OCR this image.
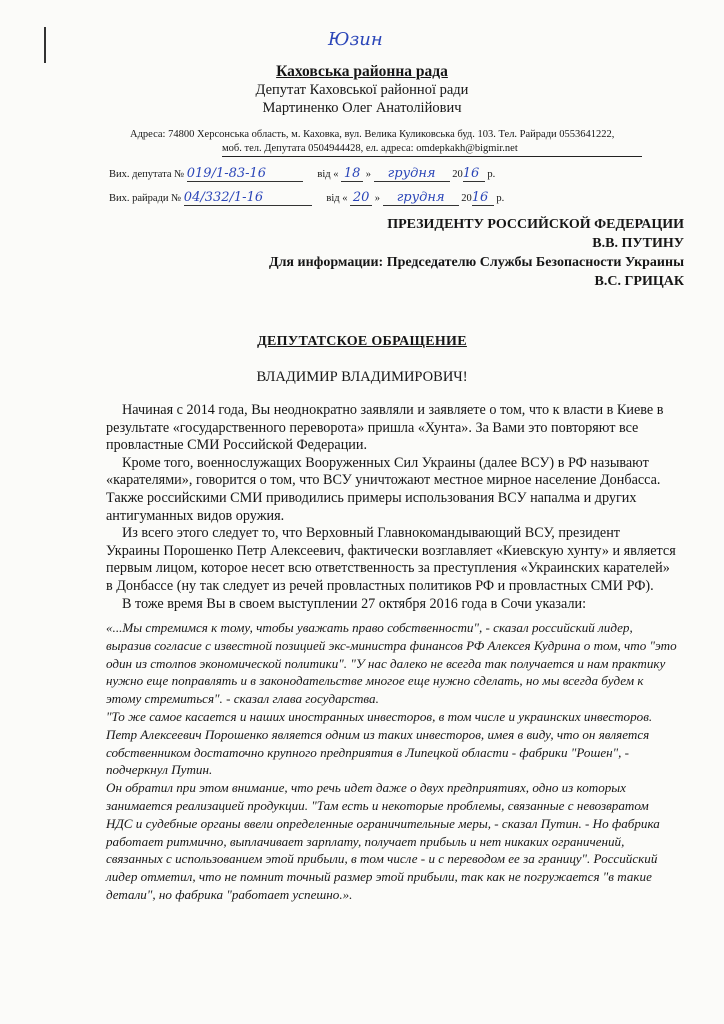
Юзин
Каховська районна рада
Депутат Каховської районної ради
Мартиненко Олег Анатолійович
Адреса: 74800 Херсонська область, м. Каховка, вул. Велика Куликовська буд. 103. Тел. Райради 0553641222,
моб. тел. Депутата 0504944428, ел. адреса: omdepkakh@bigmir.net
Вих. депутата № 019/1-83-16	від « 18 » грудня 2016 р.
Вих. райради № 04/332/1-16	від « 20 » грудня 2016 р.
ПРЕЗИДЕНТУ РОССИЙСКОЙ ФЕДЕРАЦИИ
В.В. ПУТИНУ
Для информации: Председателю Службы Безопасности Украины
В.С. ГРИЦАК
ДЕПУТАТСКОЕ ОБРАЩЕНИЕ
ВЛАДИМИР ВЛАДИМИРОВИЧ!

Начиная с 2014 года, Вы неоднократно заявляли и заявляете о том, что к власти в Киеве в результате «государственного переворота» пришла «Хунта». За Вами это повторяют все провластные СМИ Российской Федерации.

Кроме того, военнослужащих Вооруженных Сил Украины (далее ВСУ) в РФ называют «карателями», говорится о том, что ВСУ уничтожают местное мирное население Донбасса. Также российскими СМИ приводились примеры использования ВСУ напалма и других антигуманных видов оружия.

Из всего этого следует то, что Верховный Главнокомандывающий ВСУ, президент Украины Порошенко Петр Алексеевич, фактически возглавляет «Киевскую хунту» и является первым лицом, которое несет всю ответственность за преступления «Украинских карателей» в Донбассе (ну так следует из речей провластных политиков РФ и провластных СМИ РФ).

В тоже время Вы в своем выступлении 27 октября 2016 года в Сочи указали:

«...Мы стремимся к тому, чтобы уважать право собственности", - сказал российский лидер, выразив согласие с известной позицией экс-министра финансов РФ Алексея Кудрина о том, что "это один из столпов экономической политики". "У нас далеко не всегда так получается и нам практику нужно еще поправлять и в законодательстве многое еще нужно сделать, но мы всегда будем к этому стремиться". - сказал глава государства.

"То же самое касается и наших иностранных инвесторов, в том числе и украинских инвесторов. Петр Алексеевич Порошенко является одним из таких инвесторов, имея в виду, что он является собственником достаточно крупного предприятия в Липецкой области - фабрики "Рошен", - подчеркнул Путин.

Он обратил при этом внимание, что речь идет даже о двух предприятиях, одно из которых занимается реализацией продукции. "Там есть и некоторые проблемы, связанные с невозвратом НДС и судебные органы ввели определенные ограничительные меры, - сказал Путин. - Но фабрика работает ритмично, выплачивает зарплату, получает прибыль и нет никаких ограничений, связанных с использованием этой прибыли, в том числе - и с переводом ее за границу". Российский лидер отметил, что не помнит точный размер этой прибыли, так как не погружается "в такие детали", но фабрика "работает успешно.».
